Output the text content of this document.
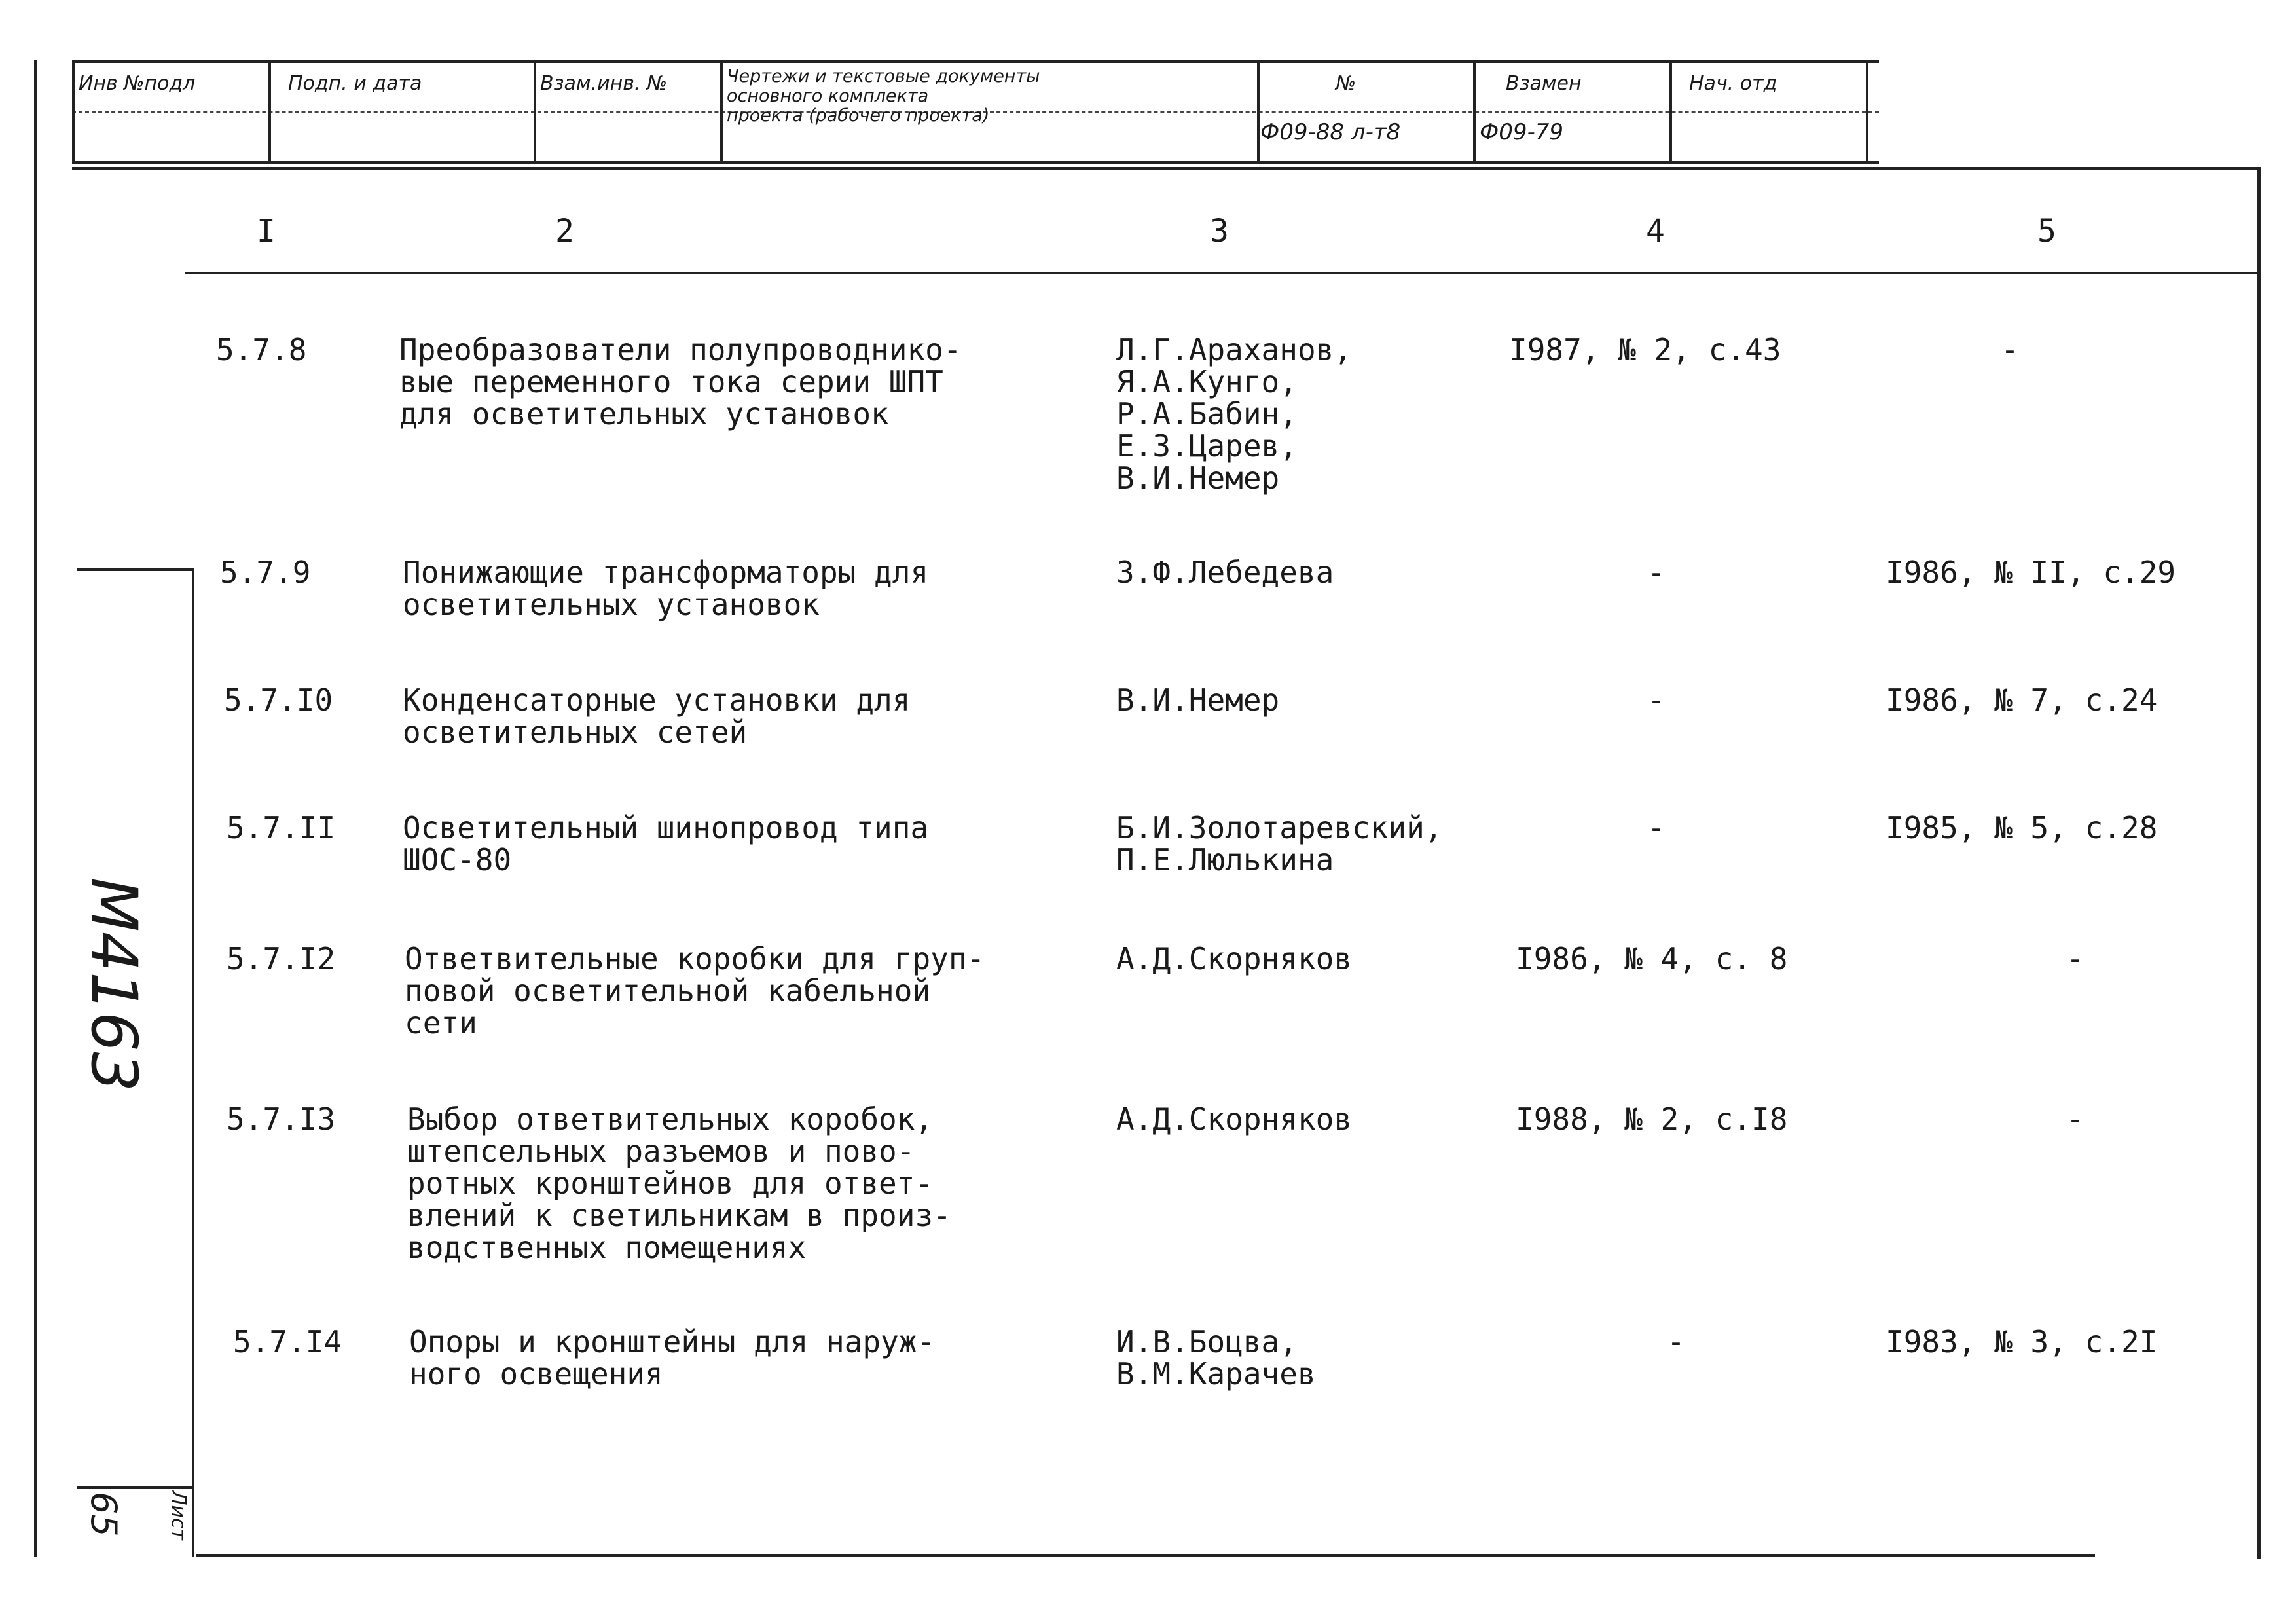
Инв №подл	Подп. и дата	Взам.инв. №	Чертежи и текстовые документы
основного комплекта
проекта (рабочего проекта)
№
Ф09-88 л-т8
Взамен
Ф09-79
Нач. отд
М4163
65 Лист
I	2	3	4	5
5.7.8	Преобразователи полупроводнико-
вые переменного тока серии ШПТ
для осветительных установок
Л.Г.Араханов,
Я.А.Кунго,
Р.А.Бабин,
Е.З.Царев,
В.И.Немер
I987, № 2, с.43	-
5.7.9	Понижающие трансформаторы для
осветительных установок
З.Ф.Лебедева	-	I986, № II, с.29
5.7.I0 Конденсаторные установки для
осветительных сетей
В.И.Немер	-	I986, № 7, с.24
5.7.II Осветительный шинопровод типа
ШОС-80
Б.И.Золотаревский,
П.Е.Люлькина
-	I985, № 5, с.28
5.7.I2 Ответвительные коробки для груп-
повой осветительной кабельной
сети
А.Д.Скорняков	I986, № 4, с. 8	-
5.7.I3 Выбор ответвительных коробок,
штепсельных разъемов и пово-
ротных кронштейнов для ответ-
влений к светильникам в произ-
водственных помещениях
А.Д.Скорняков	I988, № 2, с.I8	-
5.7.I4 Опоры и кронштейны для наруж-
ного освещения
И.В.Боцва,
В.М.Карачев
-	I983, № 3, с.2I
